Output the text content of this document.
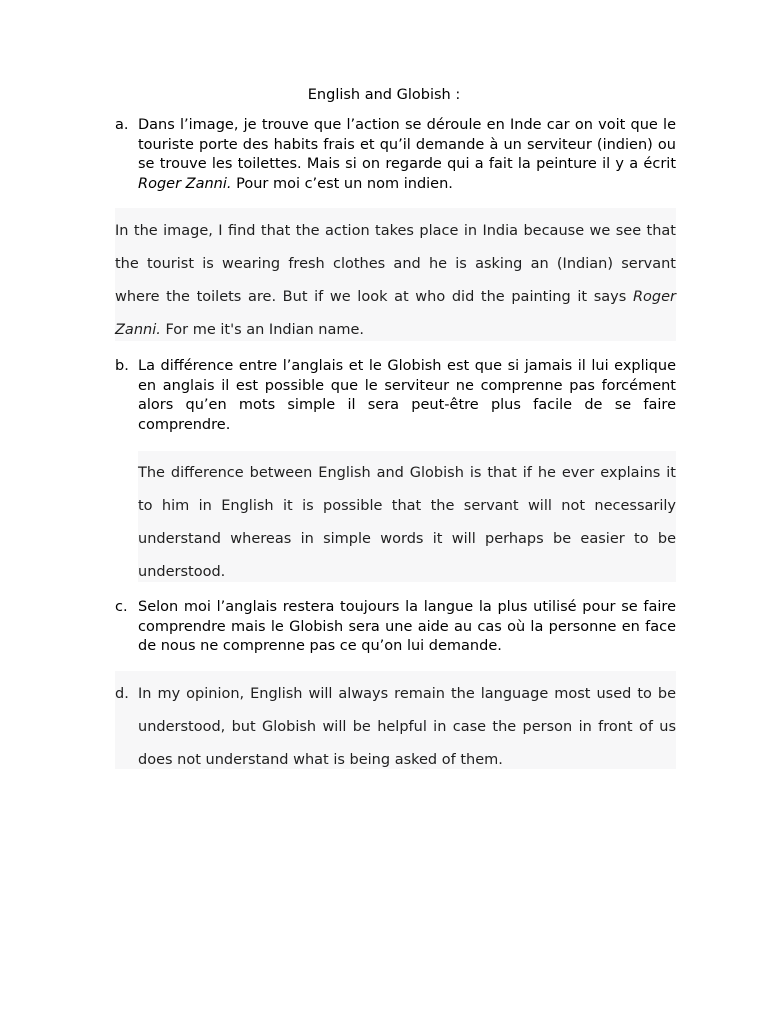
English and Globish :
a. Dans l’image, je trouve que l’action se déroule en Inde car on voit que le touriste porte des habits frais et qu’il demande à un serviteur (indien) ou se trouve les toilettes. Mais si on regarde qui a fait la peinture il y a écrit Roger Zanni. Pour moi c’est un nom indien.

In the image, I find that the action takes place in India because we see that the tourist is wearing fresh clothes and he is asking an (Indian) servant where the toilets are. But if we look at who did the painting it says Roger Zanni. For me it's an Indian name.

b. La différence entre l’anglais et le Globish est que si jamais il lui explique en anglais il est possible que le serviteur ne comprenne pas forcément alors qu’en mots simple il sera peut-être plus facile de se faire comprendre.

The difference between English and Globish is that if he ever explains it to him in English it is possible that the servant will not necessarily understand whereas in simple words it will perhaps be easier to be understood.

c. Selon moi l’anglais restera toujours la langue la plus utilisé pour se faire comprendre mais le Globish sera une aide au cas où la personne en face de nous ne comprenne pas ce qu’on lui demande.
d. In my opinion, English will always remain the language most used to be understood, but Globish will be helpful in case the person in front of us does not understand what is being asked of them.
